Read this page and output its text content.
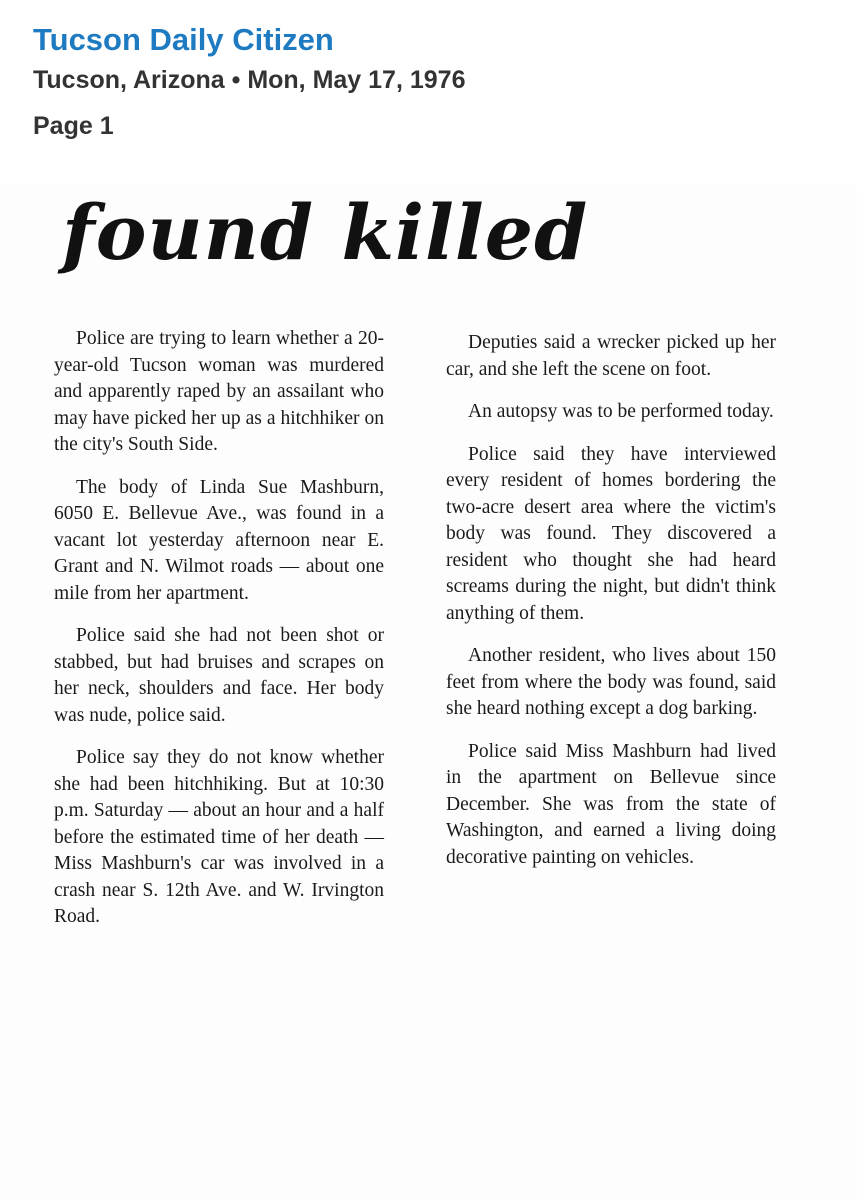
Tucson Daily Citizen
Tucson, Arizona • Mon, May 17, 1976
Page 1
found killed

Police are trying to learn whether a 20-year-old Tucson woman was murdered and apparently raped by an assailant who may have picked her up as a hitchhiker on the city's South Side.

The body of Linda Sue Mashburn, 6050 E. Bellevue Ave., was found in a vacant lot yesterday afternoon near E. Grant and N. Wilmot roads — about one mile from her apartment.

Police said she had not been shot or stabbed, but had bruises and scrapes on her neck, shoulders and face. Her body was nude, police said.

Police say they do not know whether she had been hitchhiking. But at 10:30 p.m. Saturday — about an hour and a half before the estimated time of her death — Miss Mashburn's car was involved in a crash near S. 12th Ave. and W. Irvington Road.

Deputies said a wrecker picked up her car, and she left the scene on foot.

An autopsy was to be performed today.

Police said they have interviewed every resident of homes bordering the two-acre desert area where the victim's body was found. They discovered a resident who thought she had heard screams during the night, but didn't think anything of them.

Another resident, who lives about 150 feet from where the body was found, said she heard nothing except a dog barking.

Police said Miss Mashburn had lived in the apartment on Bellevue since December. She was from the state of Washington, and earned a living doing decorative painting on vehicles.
